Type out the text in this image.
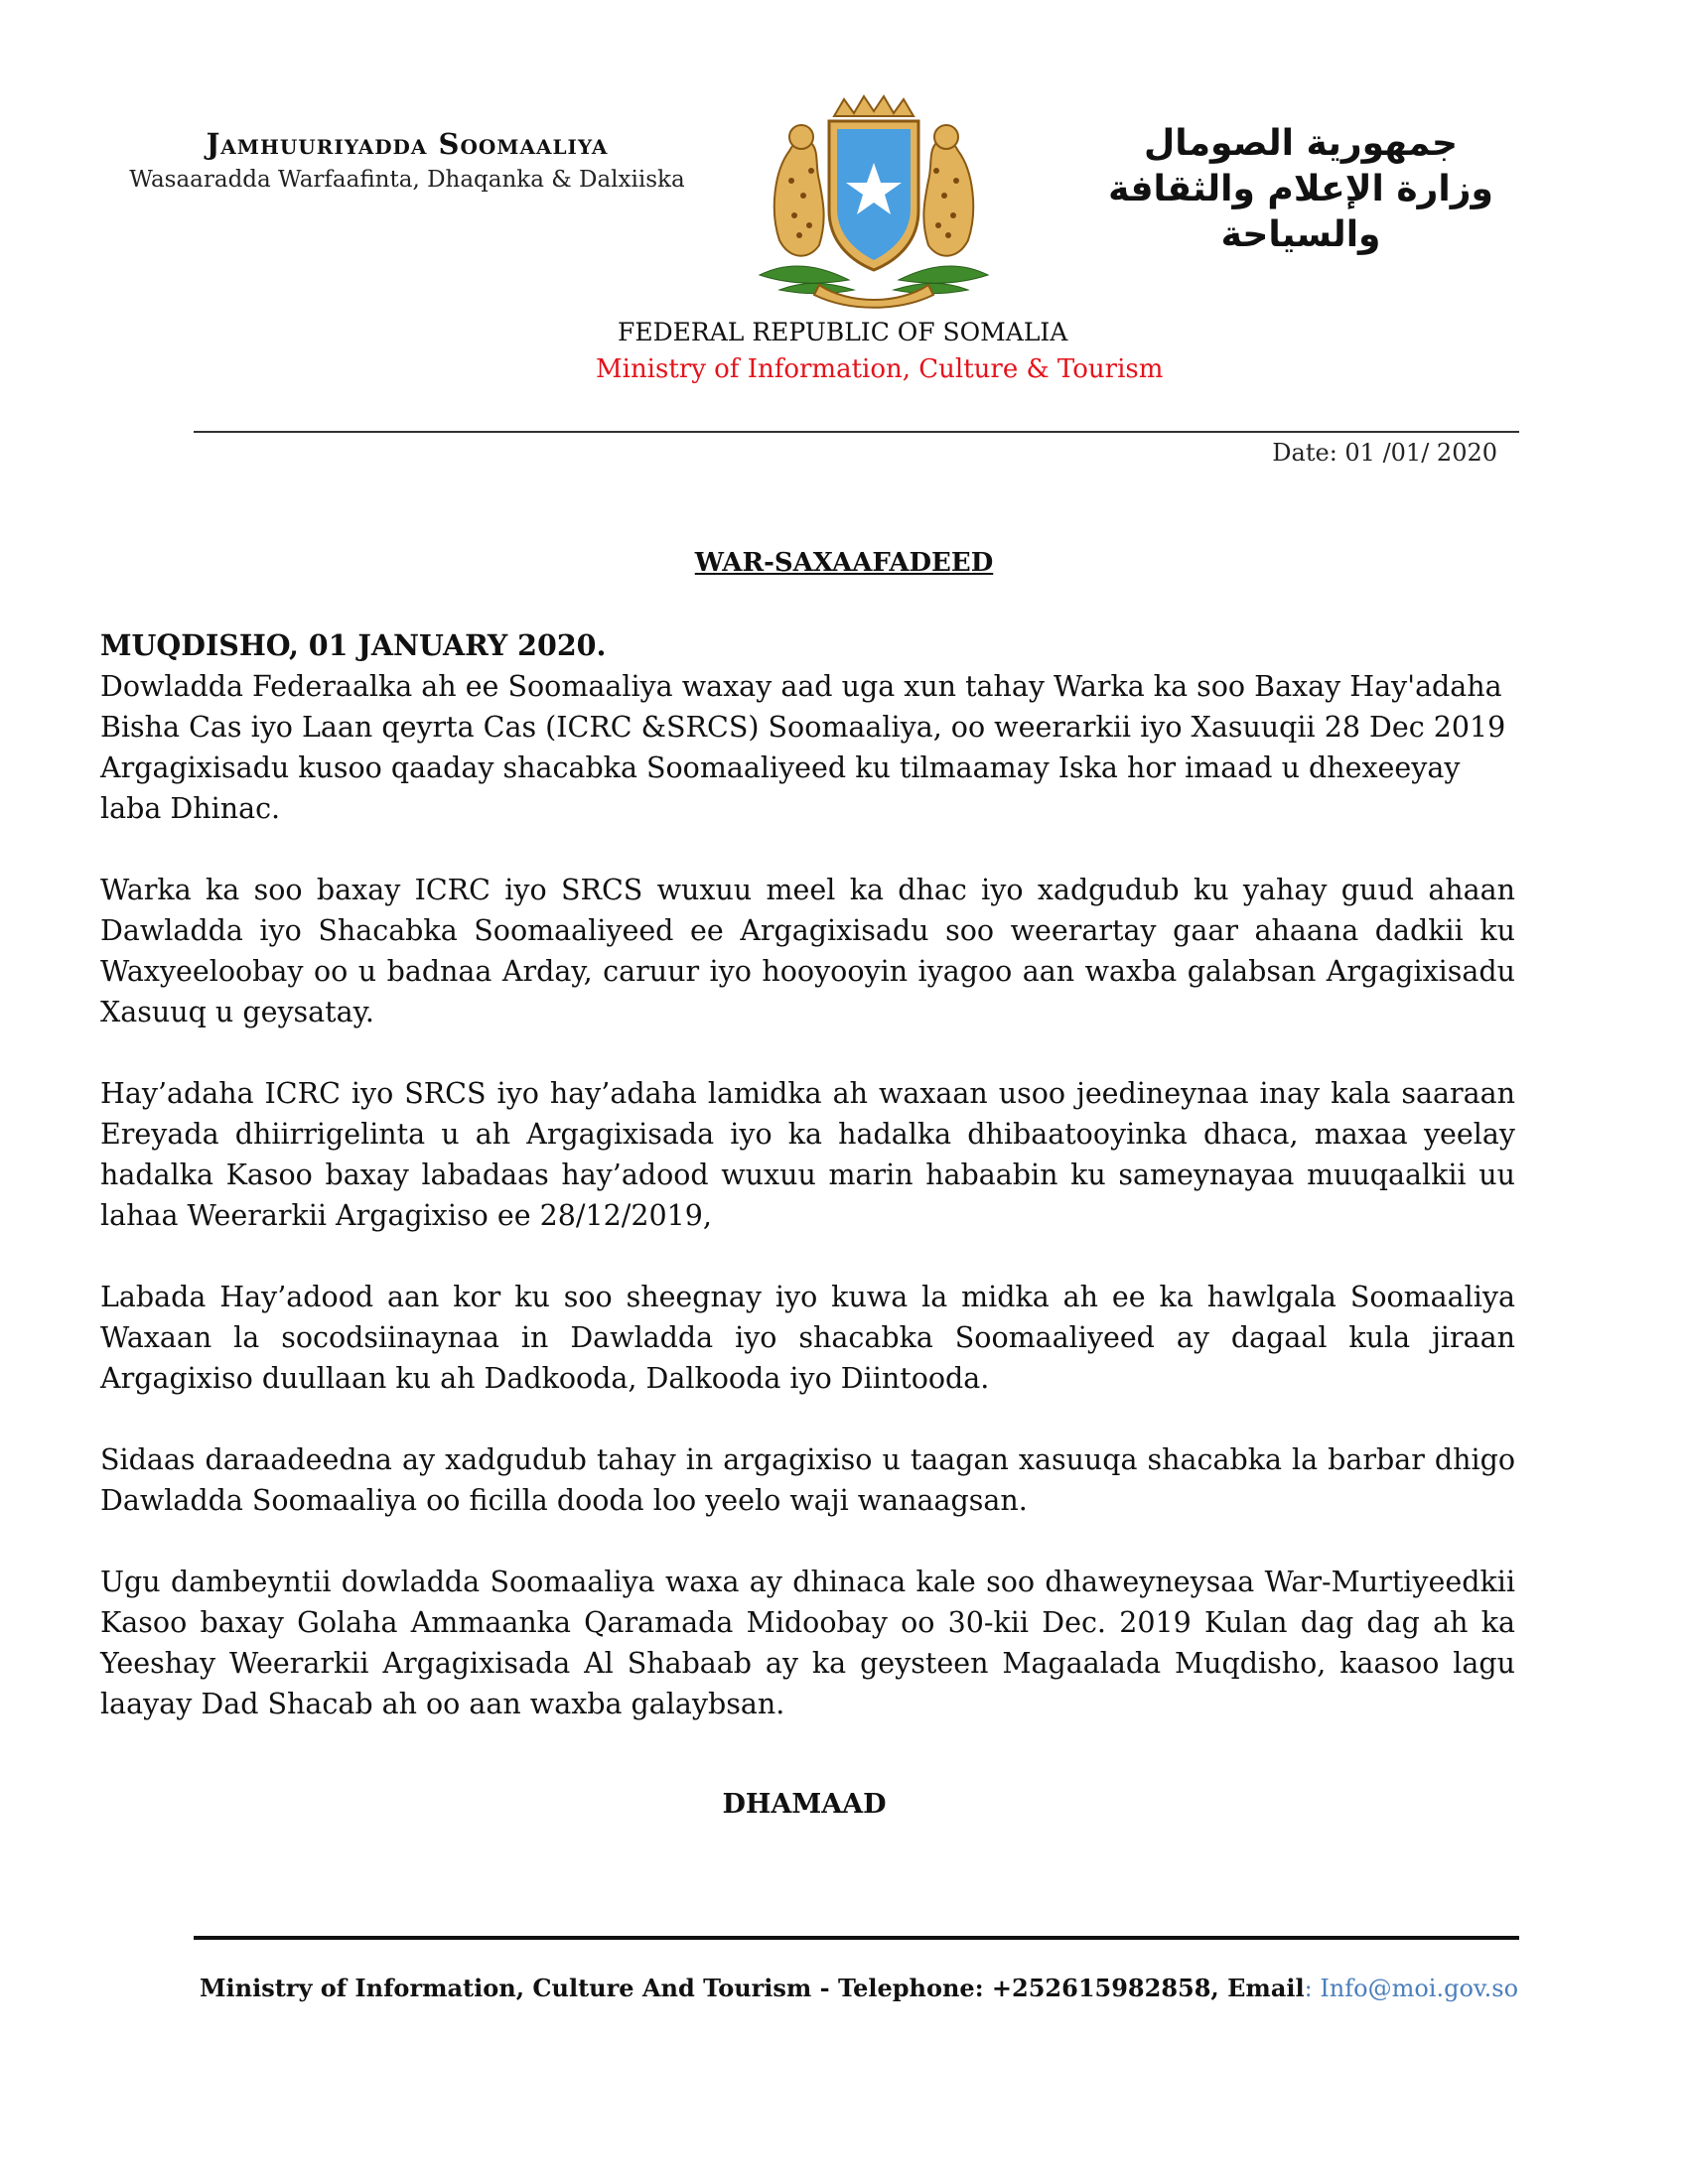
Jamhuuriyadda Soomaaliya
Wasaaradda Warfaafinta, Dhaqanka & Dalxiiska
جمهورية الصومال
وزارة الإعلام والثقافة والسياحة
FEDERAL REPUBLIC OF SOMALIA
Ministry of Information, Culture & Tourism
Date: 01 /01/ 2020
WAR-SAXAAFADEED

MUQDISHO, 01 JANUARY 2020.

Dowladda Federaalka ah ee Soomaaliya waxay aad uga xun tahay Warka ka soo Baxay Hay'adaha Bisha Cas iyo Laan qeyrta Cas (ICRC &SRCS) Soomaaliya, oo weerarkii iyo Xasuuqii 28 Dec 2019 Argagixisadu kusoo qaaday shacabka Soomaaliyeed ku tilmaamay Iska hor imaad u dhexeeyay laba Dhinac.

Warka ka soo baxay ICRC iyo SRCS wuxuu meel ka dhac iyo xadgudub ku yahay guud ahaan Dawladda iyo Shacabka Soomaaliyeed ee Argagixisadu soo weerartay gaar ahaana dadkii ku Waxyeeloobay oo u badnaa Arday, caruur iyo hooyooyin iyagoo aan waxba galabsan Argagixisadu Xasuuq u geysatay.

Hay’adaha ICRC iyo SRCS iyo hay’adaha lamidka ah waxaan usoo jeedineynaa inay kala saaraan Ereyada dhiirrigelinta u ah Argagixisada iyo ka hadalka dhibaatooyinka dhaca, maxaa yeelay hadalka Kasoo baxay labadaas hay’adood wuxuu marin habaabin ku sameynayaa muuqaalkii uu lahaa Weerarkii Argagixiso ee 28/12/2019,

Labada Hay’adood aan kor ku soo sheegnay iyo kuwa la midka ah ee ka hawlgala Soomaaliya Waxaan la socodsiinaynaa in Dawladda iyo shacabka Soomaaliyeed ay dagaal kula jiraan Argagixiso duullaan ku ah Dadkooda, Dalkooda iyo Diintooda.

Sidaas daraadeedna ay xadgudub tahay in argagixiso u taagan xasuuqa shacabka la barbar dhigo Dawladda Soomaaliya oo ficilla dooda loo yeelo waji wanaagsan.

Ugu dambeyntii dowladda Soomaaliya waxa ay dhinaca kale soo dhaweyneysaa War-Murtiyeedkii Kasoo baxay Golaha Ammaanka Qaramada Midoobay oo 30-kii Dec. 2019 Kulan dag dag ah ka Yeeshay Weerarkii Argagixisada Al Shabaab ay ka geysteen Magaalada Muqdisho, kaasoo lagu laayay Dad Shacab ah oo aan waxba galaybsan.

DHAMAAD
Ministry of Information, Culture And Tourism - Telephone: +252615982858, Email: Info@moi.gov.so
